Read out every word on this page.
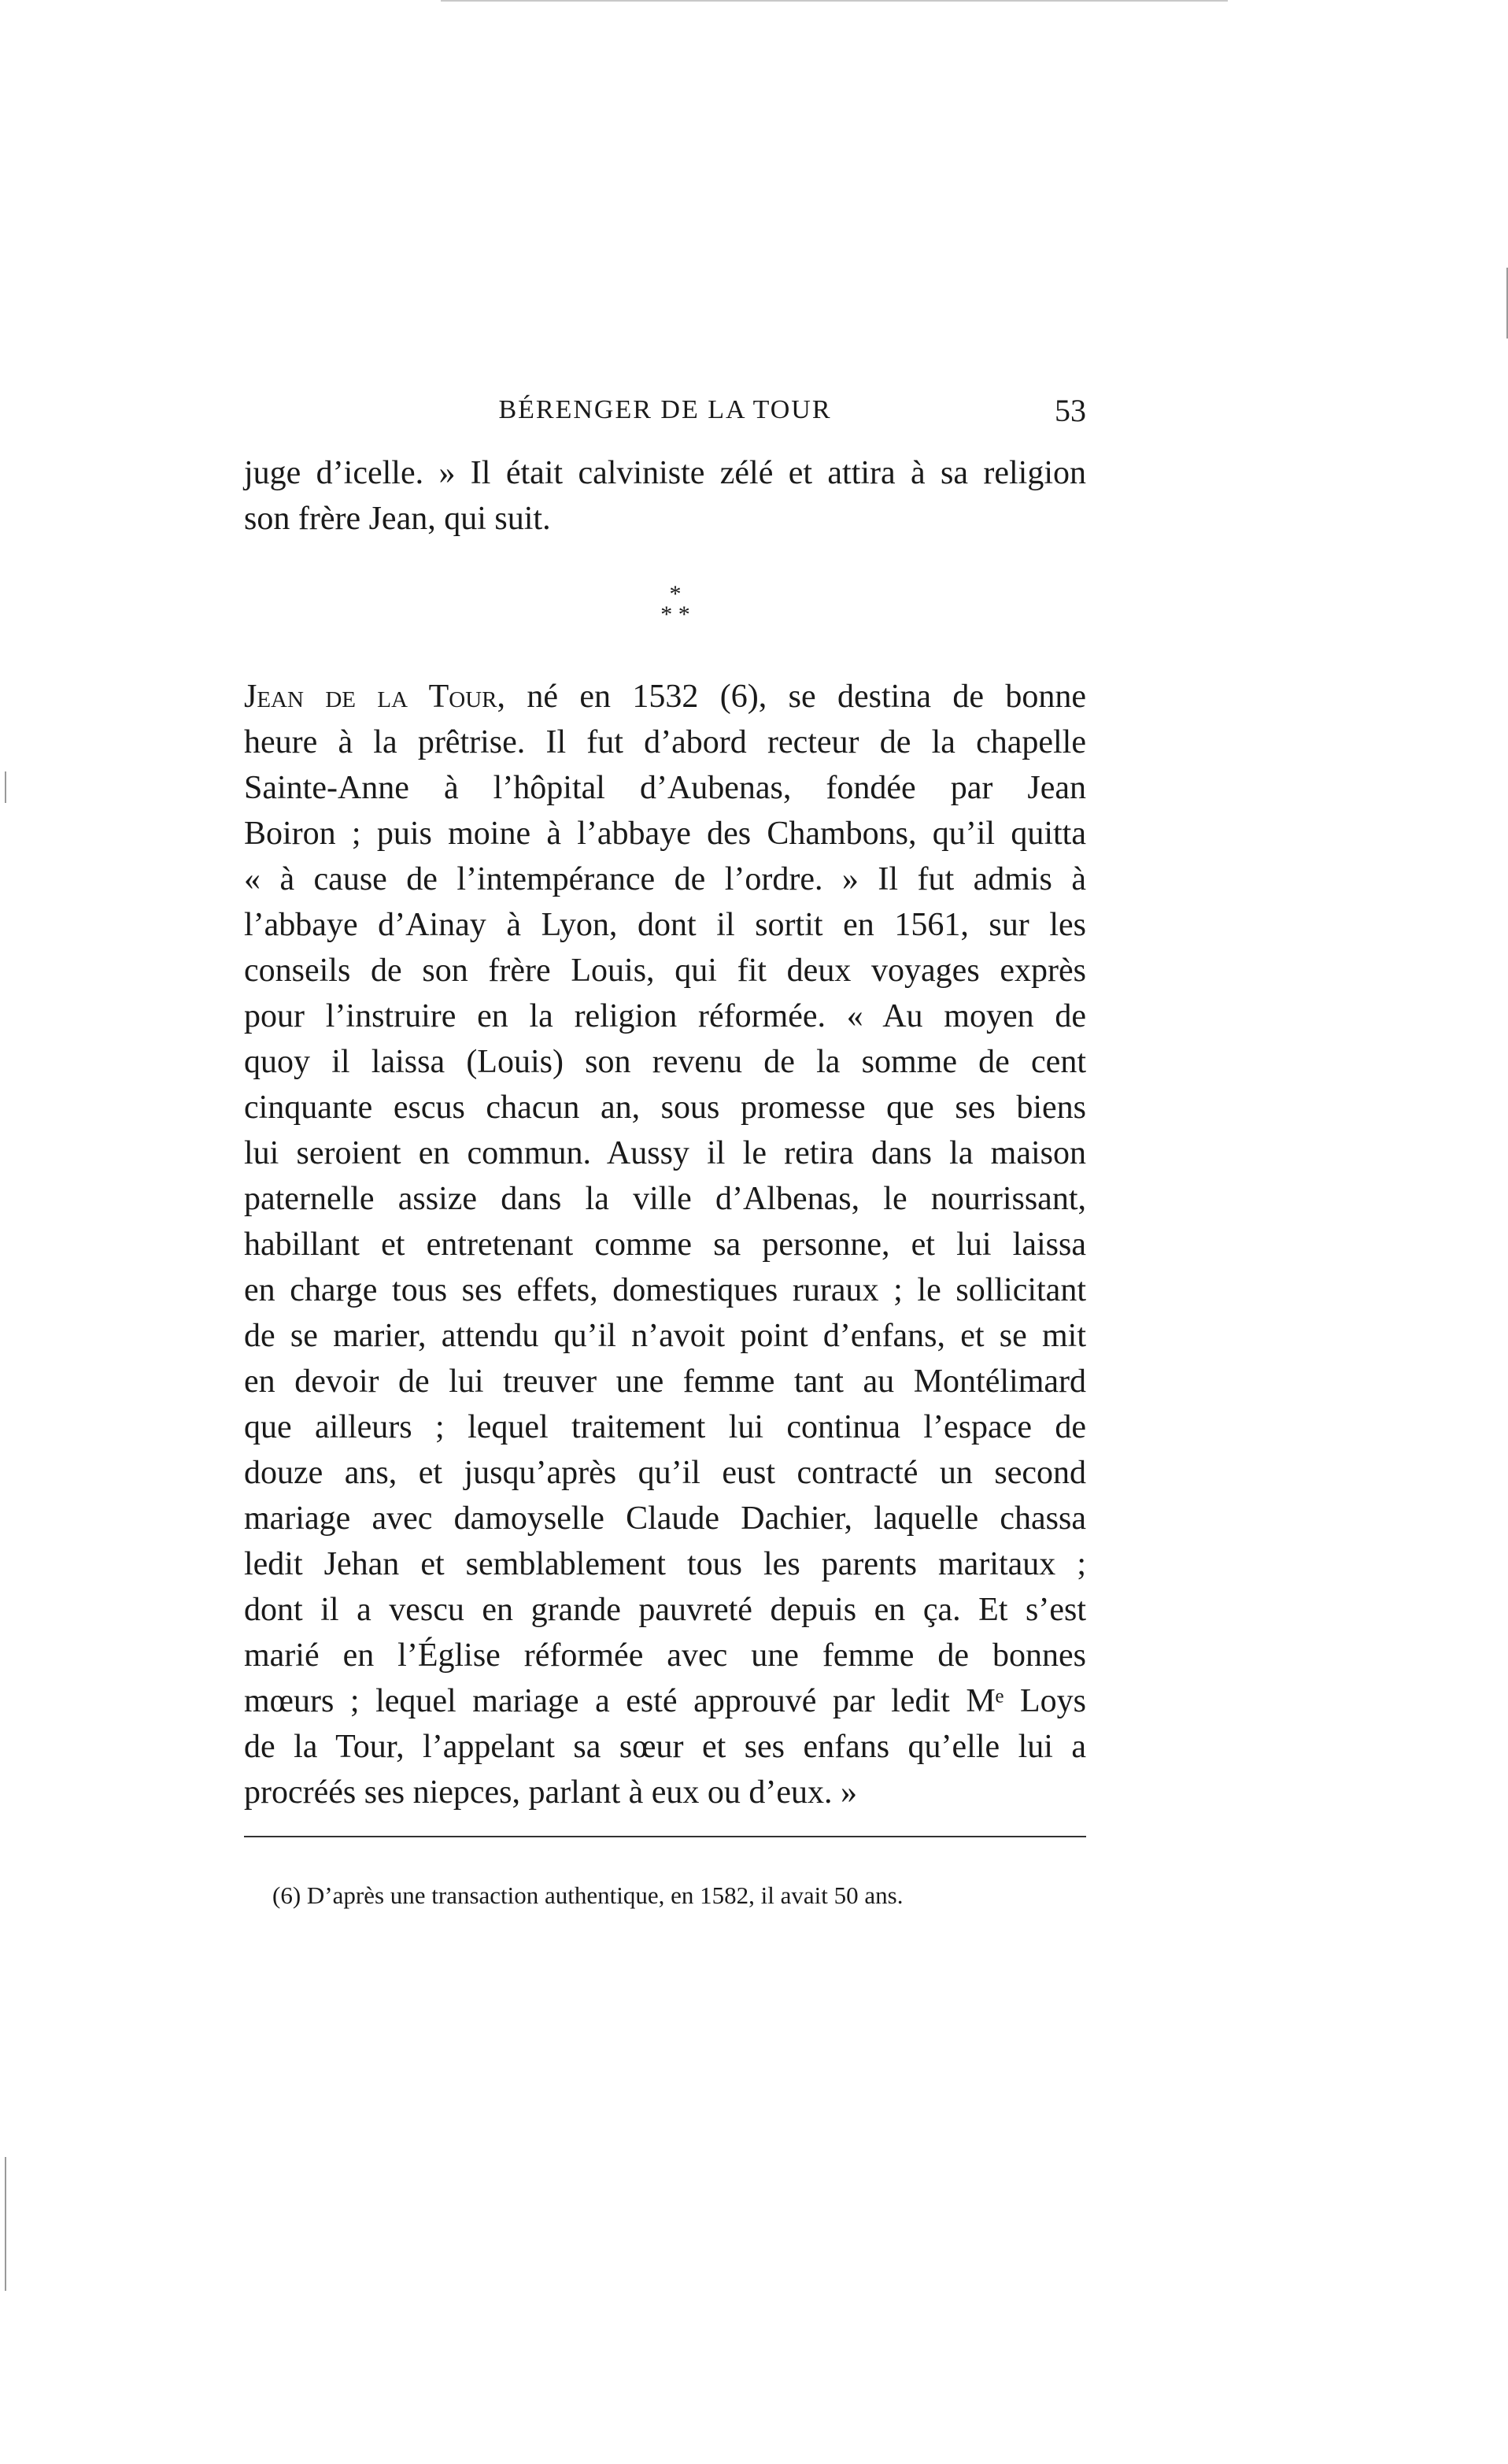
BÉRENGER DE LA TOUR	53
juge d’icelle. » Il était calviniste zélé et attira à sa religion
son frère Jean, qui suit.
*
* *
Jean de la Tour, né en 1532 (6), se destina de bonne
heure à la prêtrise. Il fut d’abord recteur de la chapelle
Sainte-Anne à l’hôpital d’Aubenas, fondée par Jean
Boiron ; puis moine à l’abbaye des Chambons, qu’il quitta
« à cause de l’intempérance de l’ordre. » Il fut admis à
l’abbaye d’Ainay à Lyon, dont il sortit en 1561, sur les
conseils de son frère Louis, qui fit deux voyages exprès
pour l’instruire en la religion réformée. « Au moyen de
quoy il laissa (Louis) son revenu de la somme de cent
cinquante escus chacun an, sous promesse que ses biens
lui seroient en commun. Aussy il le retira dans la maison
paternelle assize dans la ville d’Albenas, le nourrissant,
habillant et entretenant comme sa personne, et lui laissa
en charge tous ses effets, domestiques ruraux ; le sollicitant
de se marier, attendu qu’il n’avoit point d’enfans, et se mit
en devoir de lui treuver une femme tant au Montélimard
que ailleurs ; lequel traitement lui continua l’espace de
douze ans, et jusqu’après qu’il eust contracté un second
mariage avec damoyselle Claude Dachier, laquelle chassa
ledit Jehan et semblablement tous les parents maritaux ;
dont il a vescu en grande pauvreté depuis en ça. Et s’est
marié en l’Église réformée avec une femme de bonnes
mœurs ; lequel mariage a esté approuvé par ledit Mᵉ Loys
de la Tour, l’appelant sa sœur et ses enfans qu’elle lui a
procréés ses niepces, parlant à eux ou d’eux. »
(6) D’après une transaction authentique, en 1582, il avait 50 ans.
